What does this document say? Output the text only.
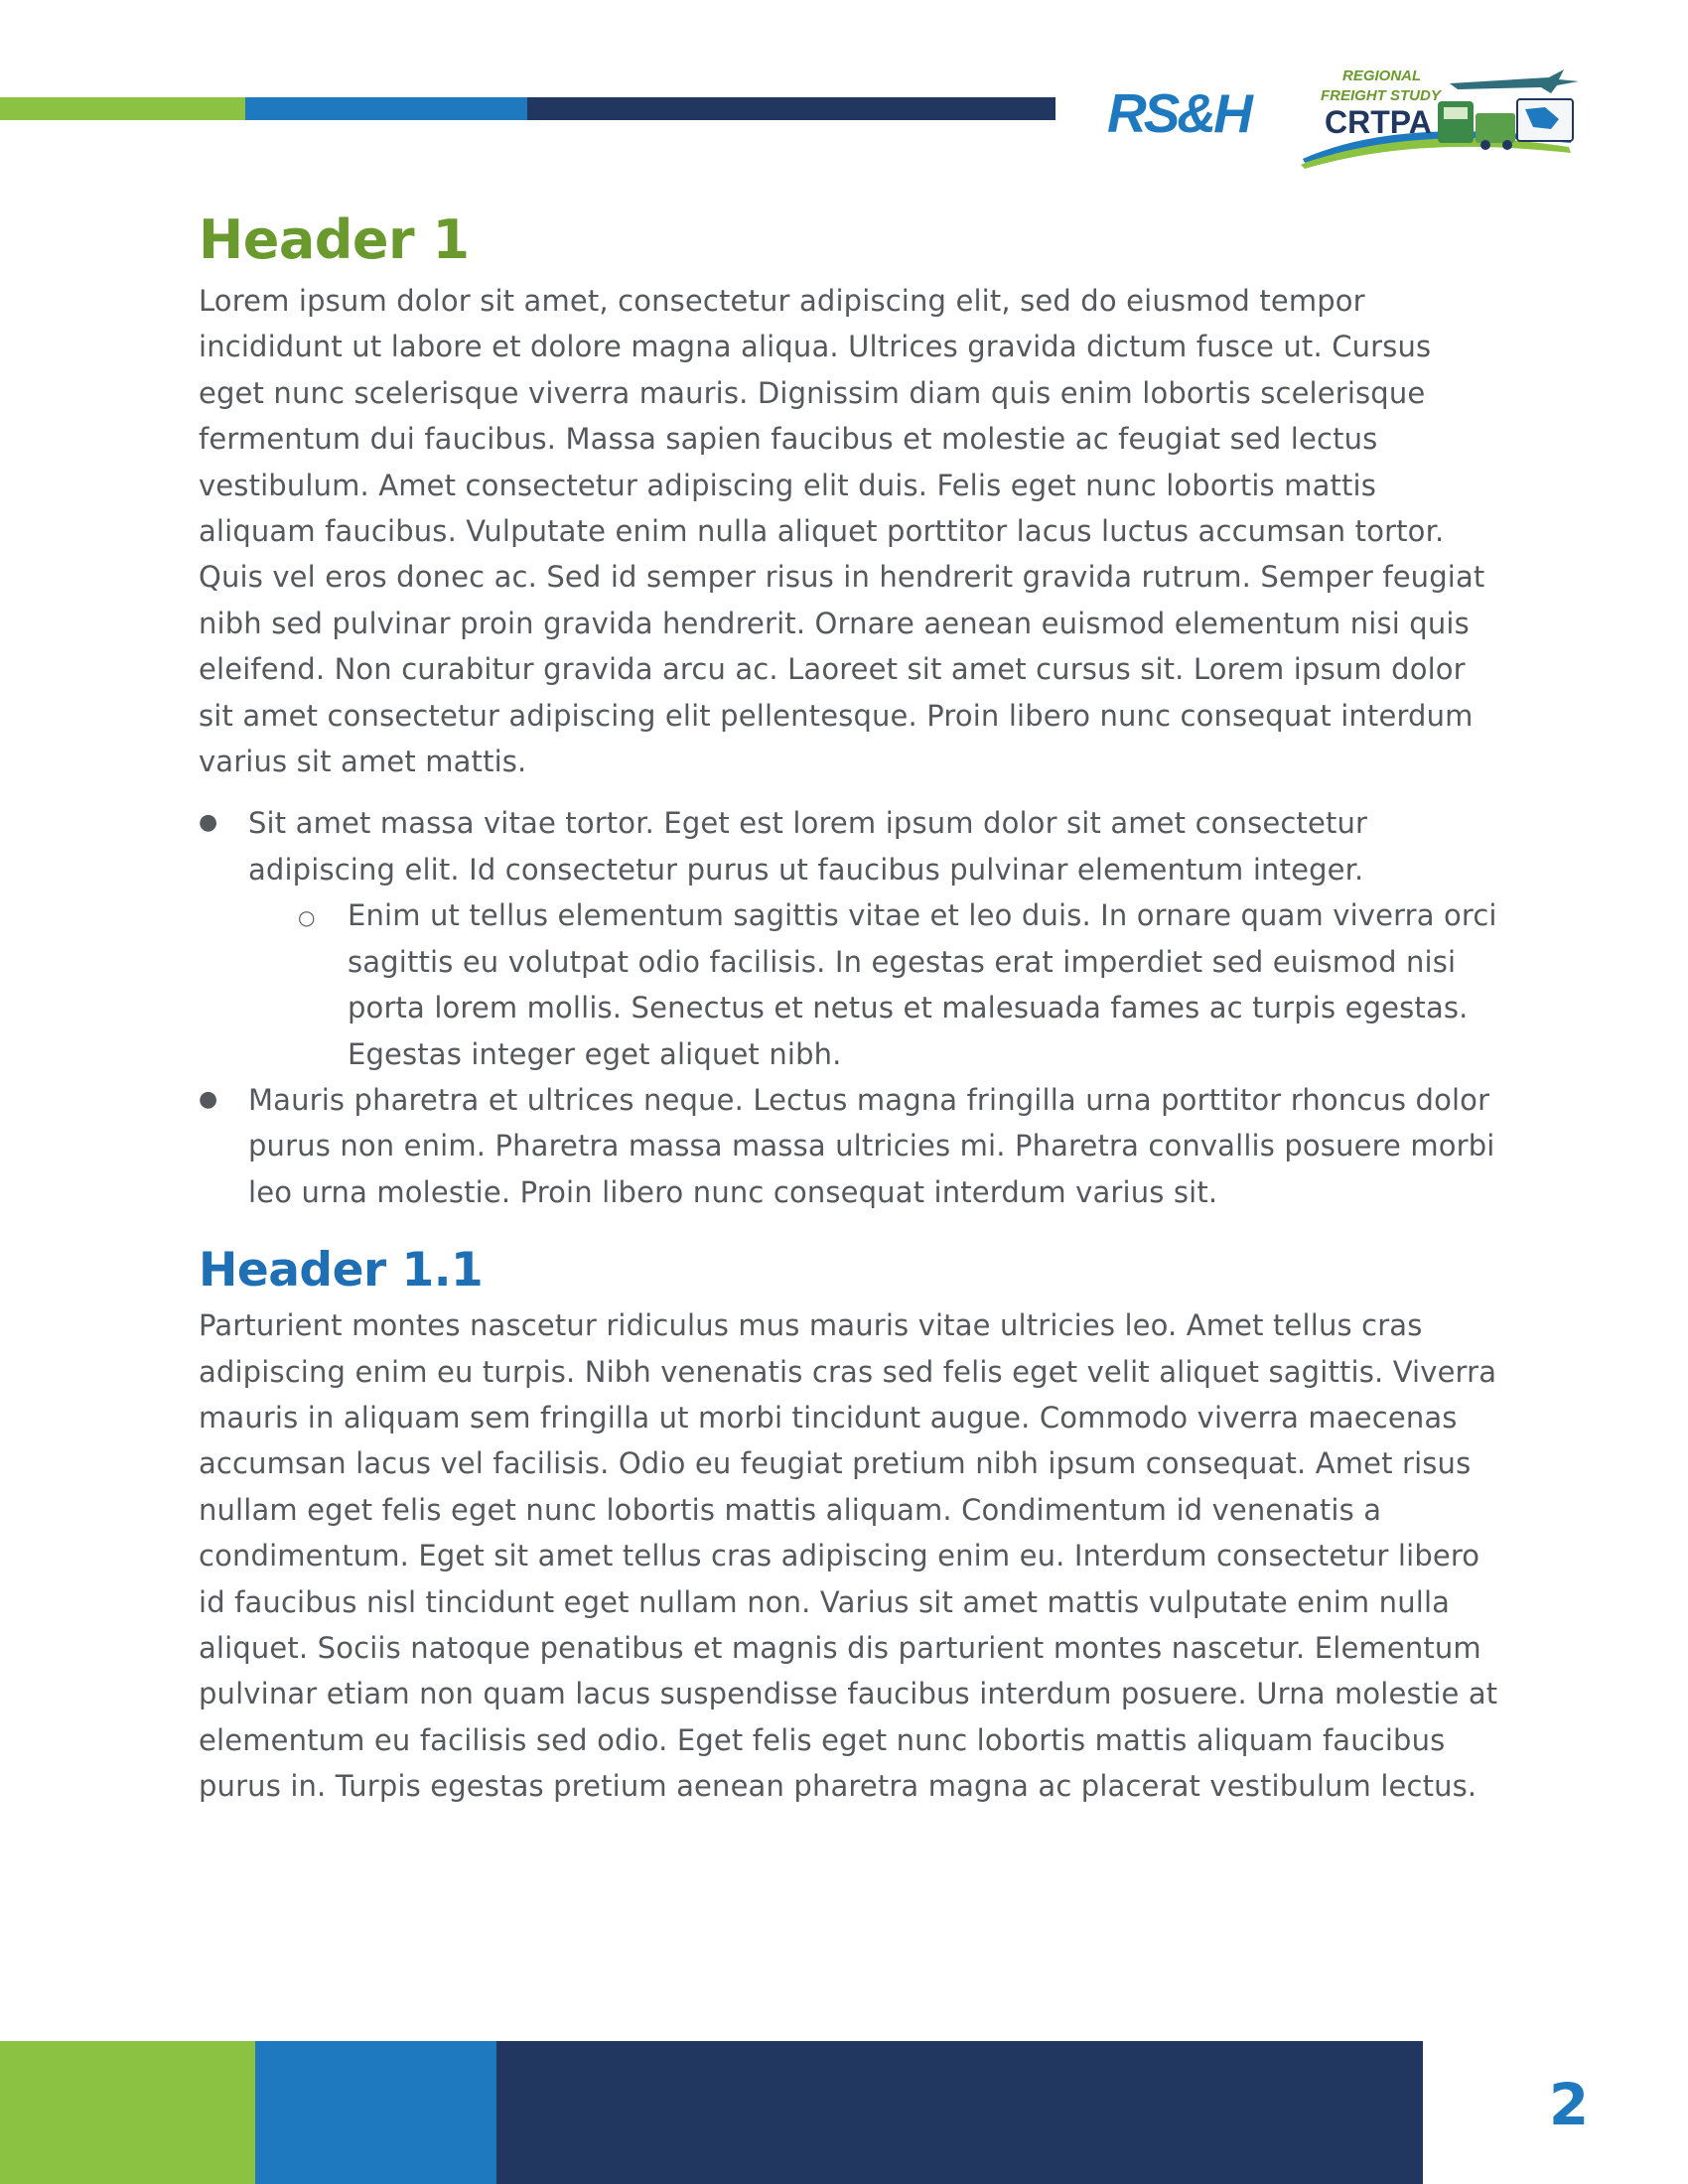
RS&H
REGIONAL
FREIGHT STUDY
CRTPA
Header 1

Lorem ipsum dolor sit amet, consectetur adipiscing elit, sed do eiusmod tempor incididunt ut labore et dolore magna aliqua. Ultrices gravida dictum fusce ut. Cursus eget nunc scelerisque viverra mauris. Dignissim diam quis enim lobortis scelerisque fermentum dui faucibus. Massa sapien faucibus et molestie ac feugiat sed lectus vestibulum. Amet consectetur adipiscing elit duis. Felis eget nunc lobortis mattis aliquam faucibus. Vulputate enim nulla aliquet porttitor lacus luctus accumsan tortor. Quis vel eros donec ac. Sed id semper risus in hendrerit gravida rutrum. Semper feugiat nibh sed pulvinar proin gravida hendrerit. Ornare aenean euismod elementum nisi quis eleifend. Non curabitur gravida arcu ac. Laoreet sit amet cursus sit. Lorem ipsum dolor sit amet consectetur adipiscing elit pellentesque. Proin libero nunc consequat interdum varius sit amet mattis.

● Sit amet massa vitae tortor. Eget est lorem ipsum dolor sit amet consectetur adipiscing elit. Id consectetur purus ut faucibus pulvinar elementum integer.
○ Enim ut tellus elementum sagittis vitae et leo duis. In ornare quam viverra orci sagittis eu volutpat odio facilisis. In egestas erat imperdiet sed euismod nisi porta lorem mollis. Senectus et netus et malesuada fames ac turpis egestas. Egestas integer eget aliquet nibh.
● Mauris pharetra et ultrices neque. Lectus magna fringilla urna porttitor rhoncus dolor purus non enim. Pharetra massa massa ultricies mi. Pharetra convallis posuere morbi leo urna molestie. Proin libero nunc consequat interdum varius sit.
Header 1.1

Parturient montes nascetur ridiculus mus mauris vitae ultricies leo. Amet tellus cras adipiscing enim eu turpis. Nibh venenatis cras sed felis eget velit aliquet sagittis. Viverra mauris in aliquam sem fringilla ut morbi tincidunt augue. Commodo viverra maecenas accumsan lacus vel facilisis. Odio eu feugiat pretium nibh ipsum consequat. Amet risus nullam eget felis eget nunc lobortis mattis aliquam. Condimentum id venenatis a condimentum. Eget sit amet tellus cras adipiscing enim eu. Interdum consectetur libero id faucibus nisl tincidunt eget nullam non. Varius sit amet mattis vulputate enim nulla aliquet. Sociis natoque penatibus et magnis dis parturient montes nascetur. Elementum pulvinar etiam non quam lacus suspendisse faucibus interdum posuere. Urna molestie at elementum eu facilisis sed odio. Eget felis eget nunc lobortis mattis aliquam faucibus purus in. Turpis egestas pretium aenean pharetra magna ac placerat vestibulum lectus.

2
